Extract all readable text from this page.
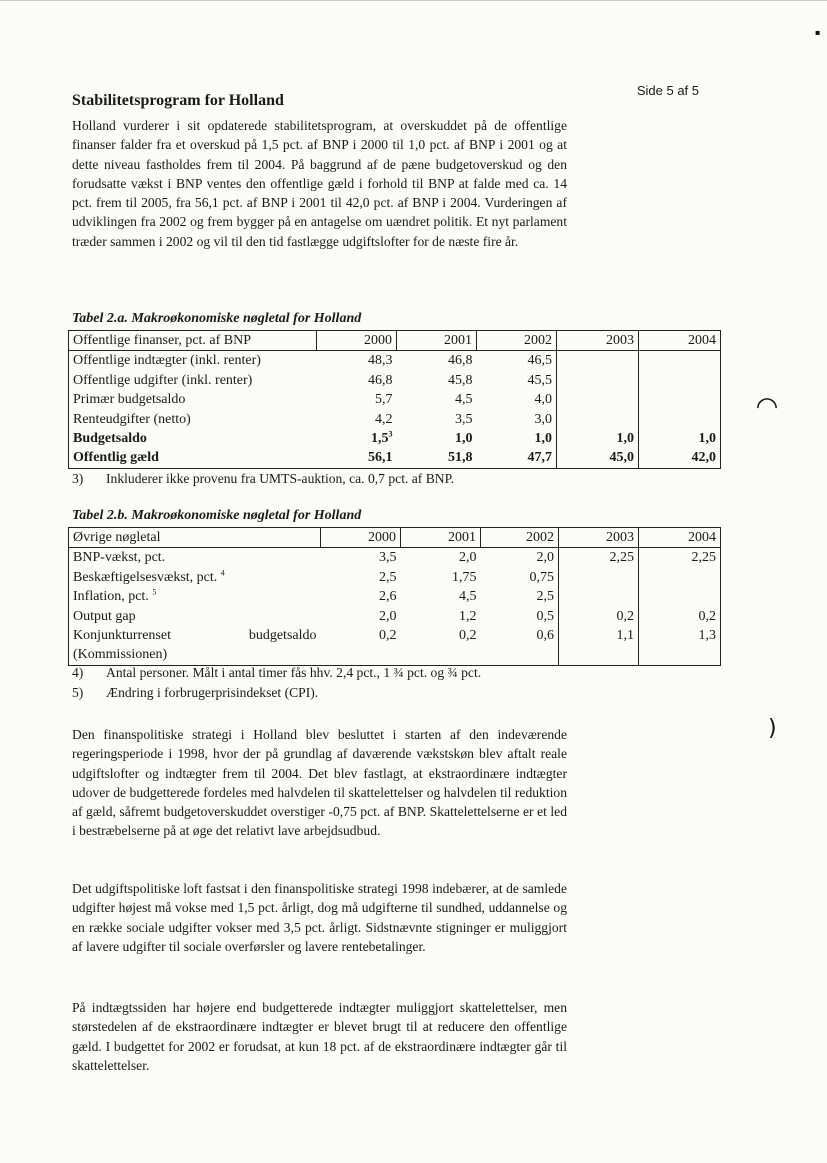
Side 5 af 5
Stabilitetsprogram for Holland

Holland vurderer i sit opdaterede stabilitetsprogram, at overskuddet på de offentlige finanser falder fra et overskud på 1,5 pct. af BNP i 2000 til 1,0 pct. af BNP i 2001 og at dette niveau fastholdes frem til 2004. På baggrund af de pæne budgetoverskud og den forudsatte vækst i BNP ventes den offentlige gæld i forhold til BNP at falde med ca. 14 pct. frem til 2005, fra 56,1 pct. af BNP i 2001 til 42,0 pct. af BNP i 2004. Vurderingen af udviklingen fra 2002 og frem bygger på en antagelse om uændret politik. Et nyt parlament træder sammen i 2002 og vil til den tid fastlægge udgiftslofter for de næste fire år.

Tabel 2.a. Makroøkonomiske nøgletal for Holland
Offentlige finanser, pct. af BNP	2000	2001	2002	2003	2004
Offentlige indtægter (inkl. renter)	48,3	46,8	46,5		
Offentlige udgifter (inkl. renter)	46,8	45,8	45,5		
Primær budgetsaldo	5,7	4,5	4,0		
Renteudgifter (netto)	4,2	3,5	3,0		
Budgetsaldo	$1,5^3$	1,0	1,0	1,0	1,0
Offentlig gæld	56,1	51,8	47,7	45,0	42,0
3) Inkluderer ikke provenu fra UMTS-auktion, ca. 0,7 pct. af BNP.
Tabel 2.b. Makroøkonomiske nøgletal for Holland
Øvrige nøgletal	2000	2001	2002	2003	2004
BNP-vækst, pct.	3,5	2,0	2,0	2,25	2,25
Beskæftigelsesvækst, pct. $^4$	2,5	1,75	0,75		
Inflation, pct. $^5$	2,6	4,5	2,5		
Output gap	2,0	1,2	0,5	0,2	0,2
Konjunkturrenset budgetsaldo	0,2	0,2	0,6	1,1	1,3
(Kommissionen)					
4) Antal personer. Målt i antal timer fås hhv. 2,4 pct., 1 ¾ pct. og ¾ pct.
5) Ændring i forbrugerprisindekset (CPI).

Den finanspolitiske strategi i Holland blev besluttet i starten af den indeværende regeringsperiode i 1998, hvor der på grundlag af daværende vækstskøn blev aftalt reale udgiftslofter og indtægter frem til 2004. Det blev fastlagt, at ekstraordinære indtægter udover de budgetterede fordeles med halvdelen til skattelettelser og halvdelen til reduktion af gæld, såfremt budgetoverskuddet overstiger -0,75 pct. af BNP. Skattelettelserne er et led i bestræbelserne på at øge det relativt lave arbejdsudbud.

Det udgiftspolitiske loft fastsat i den finanspolitiske strategi 1998 indebærer, at de samlede udgifter højest må vokse med 1,5 pct. årligt, dog må udgifterne til sundhed, uddannelse og en række sociale udgifter vokser med 3,5 pct. årligt. Sidstnævnte stigninger er muliggjort af lavere udgifter til sociale overførsler og lavere rentebetalinger.

På indtægtssiden har højere end budgetterede indtægter muliggjort skattelettelser, men størstedelen af de ekstraordinære indtægter er blevet brugt til at reducere den offentlige gæld. I budgettet for 2002 er forudsat, at kun 18 pct. af de ekstraordinære indtægter går til skattelettelser.

◠
)
▪
